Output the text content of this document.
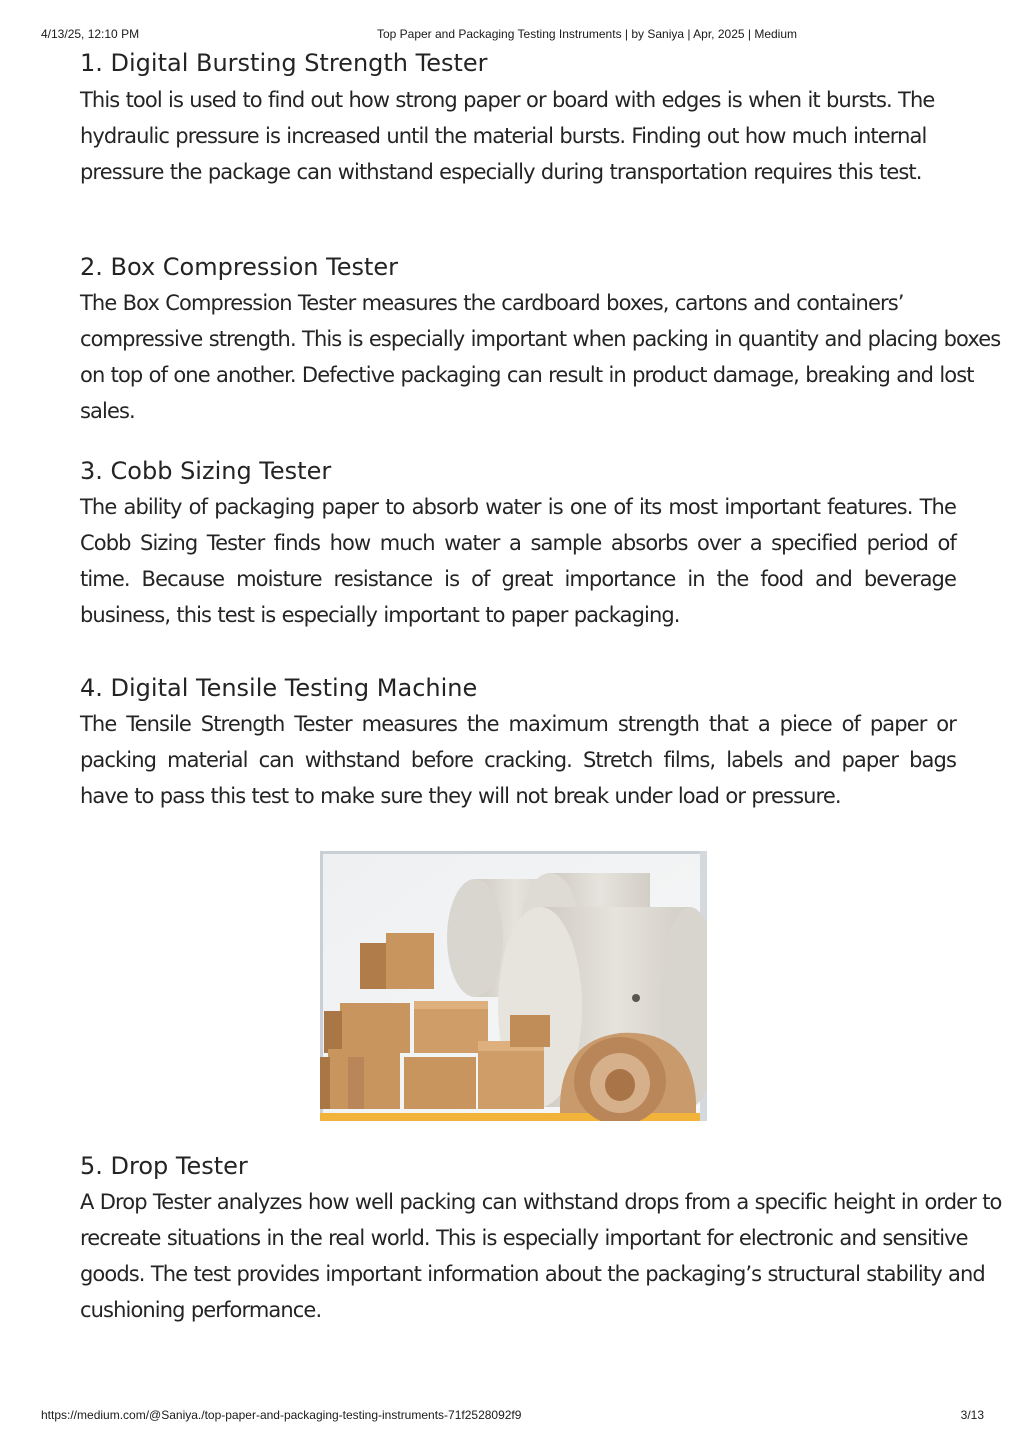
4/13/25, 12:10 PM	Top Paper and Packaging Testing Instruments | by Saniya | Apr, 2025 | Medium
1. Digital Bursting Strength Tester

This tool is used to find out how strong paper or board with edges is when it bursts. The hydraulic pressure is increased until the material bursts. Finding out how much internal pressure the package can withstand especially during transportation requires this test.

2. Box Compression Tester

The Box Compression Tester measures the cardboard boxes, cartons and containers’ compressive strength. This is especially important when packing in quantity and placing boxes on top of one another. Defective packaging can result in product damage, breaking and lost sales.

3. Cobb Sizing Tester

The ability of packaging paper to absorb water is one of its most important features. The Cobb Sizing Tester finds how much water a sample absorbs over a specified period of time. Because moisture resistance is of great importance in the food and beverage business, this test is especially important to paper packaging.

4. Digital Tensile Testing Machine

The Tensile Strength Tester measures the maximum strength that a piece of paper or packing material can withstand before cracking. Stretch films, labels and paper bags have to pass this test to make sure they will not break under load or pressure.

5. Drop Tester

A Drop Tester analyzes how well packing can withstand drops from a specific height in order to recreate situations in the real world. This is especially important for electronic and sensitive goods. The test provides important information about the packaging’s structural stability and cushioning performance.

https://medium.com/@Saniya./top-paper-and-packaging-testing-instruments-71f2528092f9	3/13
